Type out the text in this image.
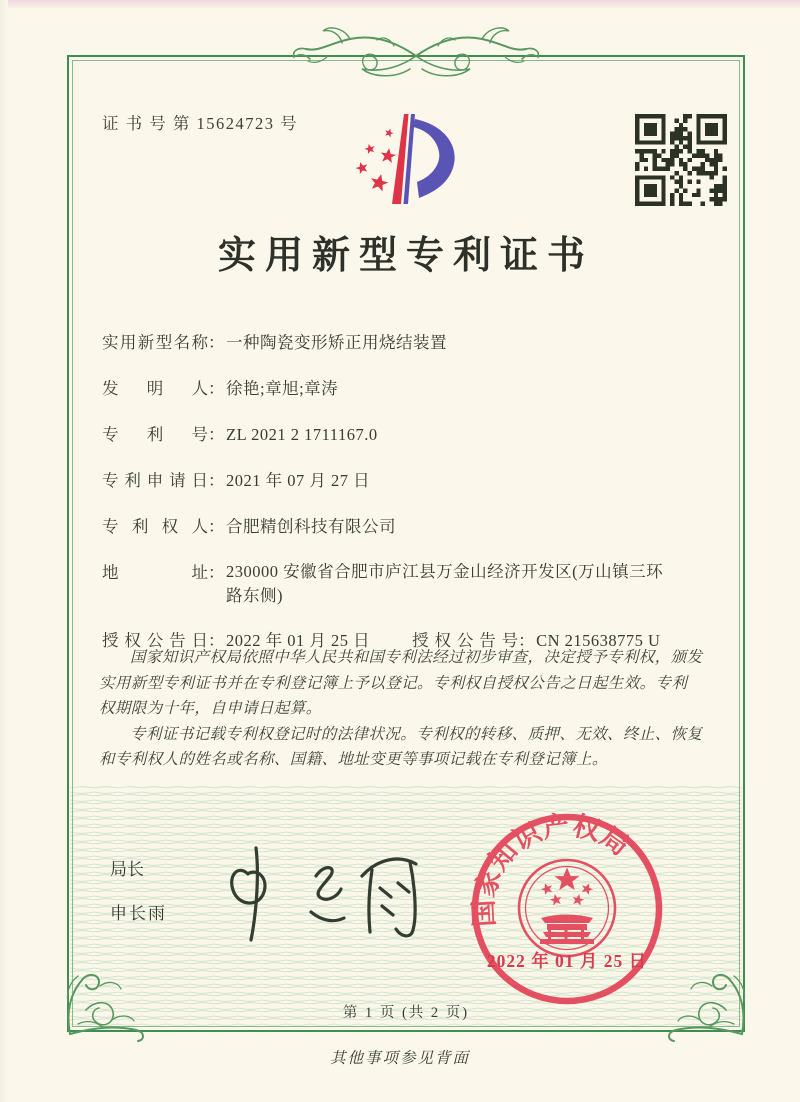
证 书 号 第 15624723 号
实用新型专利证书
实用新型名称：一种陶瓷变形矫正用烧结装置
发明人：徐艳;章旭;章涛
专利号：ZL 2021 2 1711167.0
专利申请日：2021 年 07 月 27 日
专利权人：合肥精创科技有限公司
地址：230000 安徽省合肥市庐江县万金山经济开发区(万山镇三环路东侧)
授权公告日：2022 年 01 月 25 日	授权公告号：CN 215638775 U

国家知识产权局依照中华人民共和国专利法经过初步审查，决定授予专利权，颁发实用新型专利证书并在专利登记簿上予以登记。专利权自授权公告之日起生效。专利权期限为十年，自申请日起算。

专利证书记载专利权登记时的法律状况。专利权的转移、质押、无效、终止、恢复和专利权人的姓名或名称、国籍、地址变更等事项记载在专利登记簿上。

局长
申长雨	国家知识产权局
2022 年 01 月 25 日
第 1 页 (共 2 页)
其他事项参见背面
